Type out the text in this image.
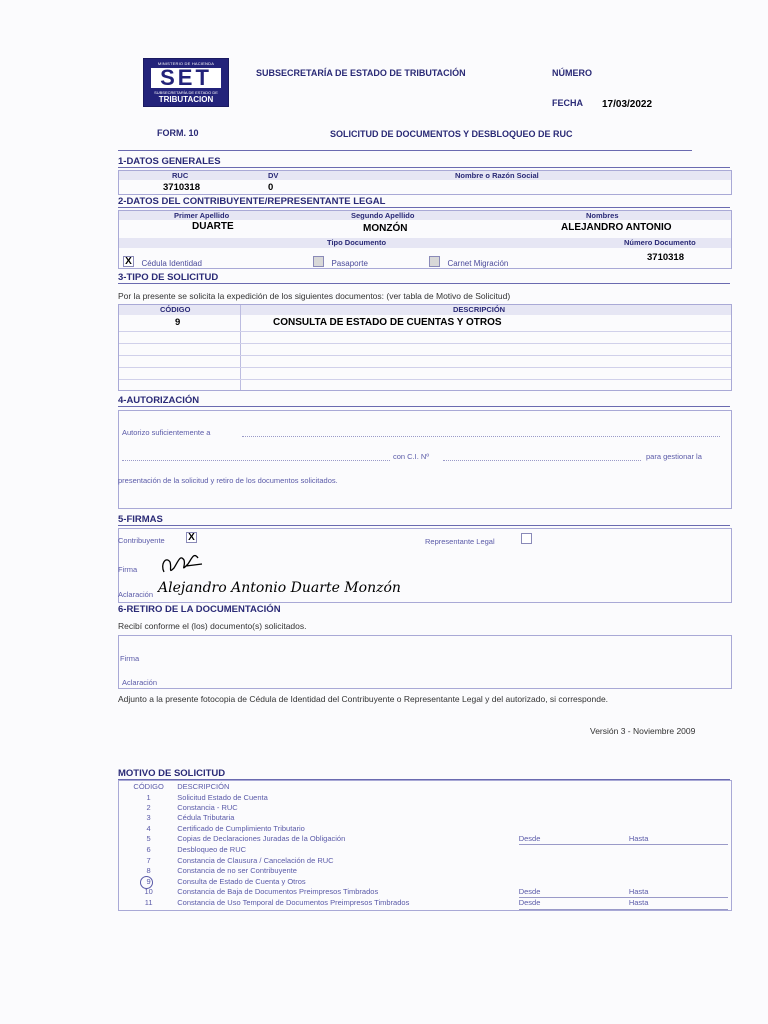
MINISTERIO DE HACIENDA
SET
SUBSECRETARÍA DE ESTADO DE
TRIBUTACION
SUBSECRETARÍA DE ESTADO DE TRIBUTACIÓN	NÚMERO
FECHA 17/03/2022
FORM. 10	SOLICITUD DE DOCUMENTOS Y DESBLOQUEO DE RUC
1-DATOS GENERALES
RUC	DV	Nombre o Razón Social
3710318	0
2-DATOS DEL CONTRIBUYENTE/REPRESENTANTE LEGAL
Primer Apellido	Segundo Apellido	Nombres
DUARTE	MONZÓN	ALEJANDRO ANTONIO
Tipo Documento	Número Documento
X Cédula Identidad	Pasaporte	Carnet Migración
3710318
3-TIPO DE SOLICITUD
Por la presente se solicita la expedición de los siguientes documentos: (ver tabla de Motivo de Solicitud)
CÓDIGO	DESCRIPCIÓN
9	CONSULTA DE ESTADO DE CUENTAS Y OTROS
4-AUTORIZACIÓN
Autorizo suficientemente a
con C.I. Nº	para gestionar la
presentación de la solicitud y retiro de los documentos solicitados.
5-FIRMAS
Contribuyente X	Representante Legal
Firma
Aclaración Alejandro Antonio Duarte Monzón
6-RETIRO DE LA DOCUMENTACIÓN
Recibí conforme el (los) documento(s) solicitados.
Firma
Aclaración
Adjunto a la presente fotocopia de Cédula de Identidad del Contribuyente o Representante Legal y del autorizado, si corresponde.
Versión 3 - Noviembre 2009
MOTIVO DE SOLICITUD
CÓDIGO	DESCRIPCIÓN		
1	Solicitud Estado de Cuenta		
2	Constancia - RUC		
3	Cédula Tributaria		
4	Certificado de Cumplimiento Tributario		
5	Copias de Declaraciones Juradas de la Obligación	Desde	Hasta
6	Desbloqueo de RUC		
7	Constancia de Clausura / Cancelación de RUC		
8	Constancia de no ser Contribuyente		
9	Consulta de Estado de Cuenta y Otros		
10	Constancia de Baja de Documentos Preimpresos Timbrados	Desde	Hasta
11	Constancia de Uso Temporal de Documentos Preimpresos Timbrados	Desde	Hasta
